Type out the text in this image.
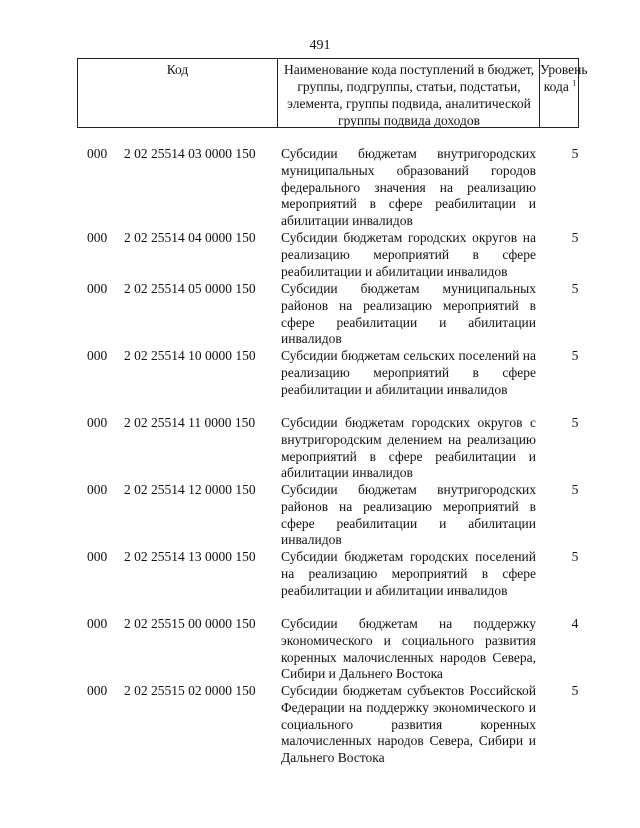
491
Код	Наименование кода поступлений в бюджет, группы, подгруппы, статьи, подстатьи, элемента, группы подвида, аналитической группы подвида доходов
Уровень кода $^1$
000 2 02 25514 03 0000 150 Субсидии бюджетам внутригородских муниципальных образований городов федерального значения на реализацию мероприятий в сфере реабилитации и абилитации инвалидов
5
000 2 02 25514 04 0000 150 Субсидии бюджетам городских округов на реализацию мероприятий в сфере реабилитации и абилитации инвалидов
5
000 2 02 25514 05 0000 150 Субсидии бюджетам муниципальных районов на реализацию мероприятий в сфере реабилитации и абилитации инвалидов
5
000 2 02 25514 10 0000 150 Субсидии бюджетам сельских поселений на реализацию мероприятий в сфере реабилитации и абилитации инвалидов
5
000 2 02 25514 11 0000 150 Субсидии бюджетам городских округов с внутригородским делением на реализацию мероприятий в сфере реабилитации и абилитации инвалидов
5
000 2 02 25514 12 0000 150 Субсидии бюджетам внутригородских районов на реализацию мероприятий в сфере реабилитации и абилитации инвалидов
5
000 2 02 25514 13 0000 150 Субсидии бюджетам городских поселений на реализацию мероприятий в сфере реабилитации и абилитации инвалидов
5
000 2 02 25515 00 0000 150 Субсидии бюджетам на поддержку экономического и социального развития коренных малочисленных народов Севера, Сибири и Дальнего Востока
4
000 2 02 25515 02 0000 150 Субсидии бюджетам субъектов Российской Федерации на поддержку экономического и социального развития коренных малочисленных народов Севера, Сибири и Дальнего Востока
5
